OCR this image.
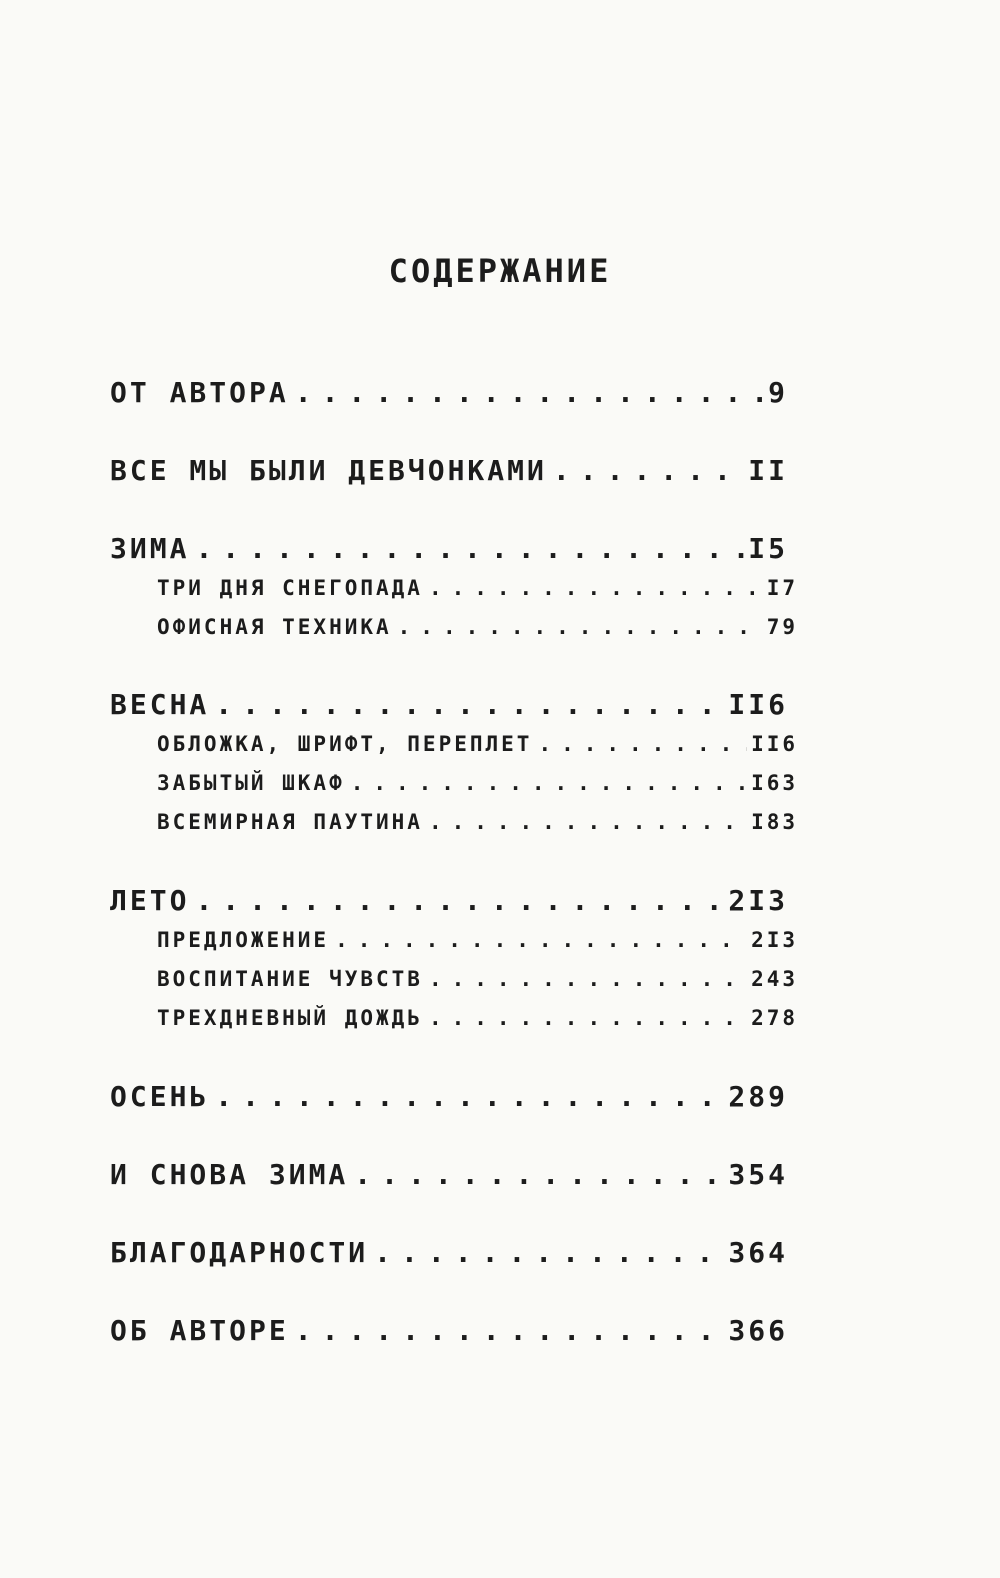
СОДЕРЖАНИЕ
ОТ АВТОРА .....	9
ВСЕ МЫ БЫЛИ ДЕВЧОНКАМИ .....	II
ЗИМА .....	I5
ТРИ ДНЯ СНЕГОПАДА .....	I7
ОФИСНАЯ ТЕХНИКА .....	79
ВЕСНА .....	II6
ОБЛОЖКА, ШРИФТ, ПЕРЕПЛЕТ .....	II6
ЗАБЫТЫЙ ШКАФ .....	I63
ВСЕМИРНАЯ ПАУТИНА .....	I83
ЛЕТО .....	2I3
ПРЕДЛОЖЕНИЕ .....	2I3
ВОСПИТАНИЕ ЧУВСТВ .....	243
ТРЕХДНЕВНЫЙ ДОЖДЬ .....	278
ОСЕНЬ .....	289
И СНОВА ЗИМА .....	354
БЛАГОДАРНОСТИ .....	364
ОБ АВТОРЕ .....	366
